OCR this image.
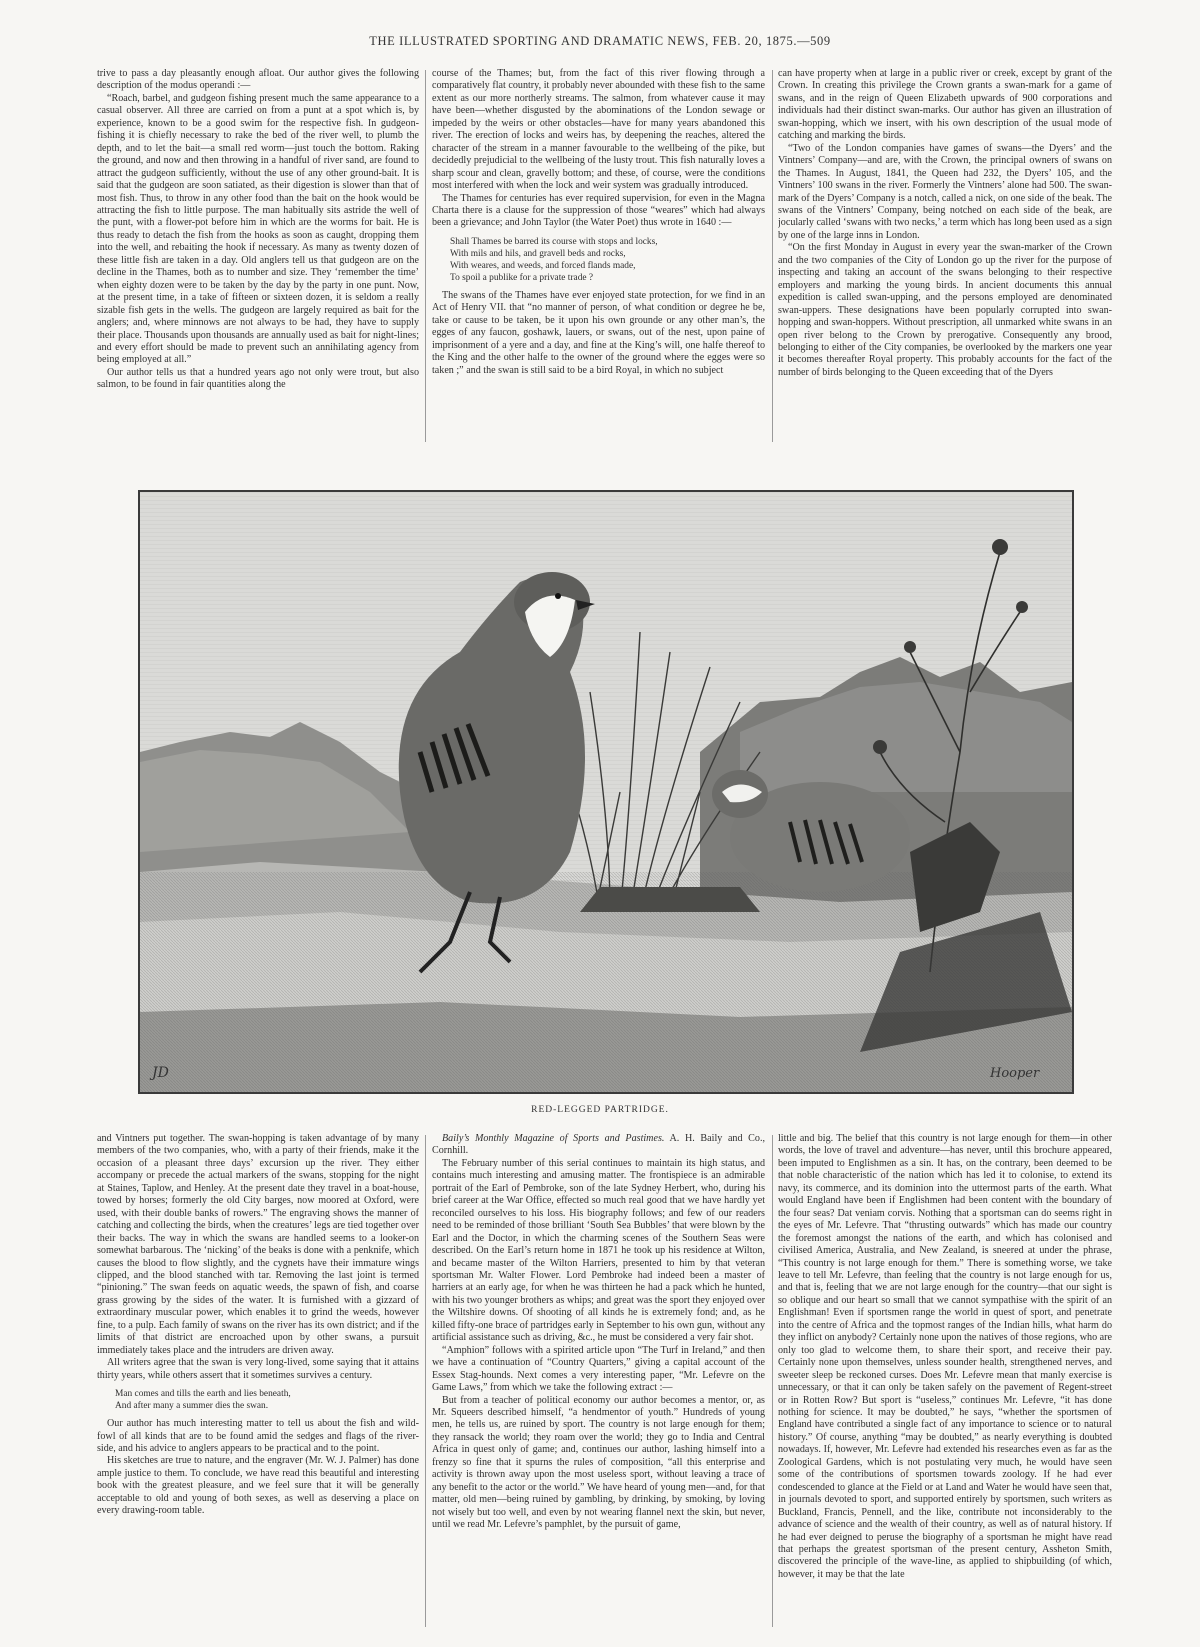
THE ILLUSTRATED SPORTING AND DRAMATIC NEWS, FEB. 20, 1875.—509

trive to pass a day pleasantly enough afloat. Our author gives the following description of the modus operandi :—

“Roach, barbel, and gudgeon fishing present much the same appearance to a casual observer. All three are carried on from a punt at a spot which is, by experience, known to be a good swim for the respective fish. In gudgeon-fishing it is chiefly necessary to rake the bed of the river well, to plumb the depth, and to let the bait—a small red worm—just touch the bottom. Raking the ground, and now and then throwing in a handful of river sand, are found to attract the gudgeon sufficiently, without the use of any other ground-bait. It is said that the gudgeon are soon satiated, as their digestion is slower than that of most fish. Thus, to throw in any other food than the bait on the hook would be attracting the fish to little purpose. The man habitually sits astride the well of the punt, with a flower-pot before him in which are the worms for bait. He is thus ready to detach the fish from the hooks as soon as caught, dropping them into the well, and rebaiting the hook if necessary. As many as twenty dozen of these little fish are taken in a day. Old anglers tell us that gudgeon are on the decline in the Thames, both as to number and size. They ‘remember the time’ when eighty dozen were to be taken by the day by the party in one punt. Now, at the present time, in a take of fifteen or sixteen dozen, it is seldom a really sizable fish gets in the wells. The gudgeon are largely required as bait for the anglers; and, where minnows are not always to be had, they have to supply their place. Thousands upon thousands are annually used as bait for night-lines; and every effort should be made to prevent such an annihilating agency from being employed at all.”

Our author tells us that a hundred years ago not only were trout, but also salmon, to be found in fair quantities along the

course of the Thames; but, from the fact of this river flowing through a comparatively flat country, it probably never abounded with these fish to the same extent as our more northerly streams. The salmon, from whatever cause it may have been—whether disgusted by the abominations of the London sewage or impeded by the weirs or other obstacles—have for many years abandoned this river. The erection of locks and weirs has, by deepening the reaches, altered the character of the stream in a manner favourable to the wellbeing of the pike, but decidedly prejudicial to the wellbeing of the lusty trout. This fish naturally loves a sharp scour and clean, gravelly bottom; and these, of course, were the conditions most interfered with when the lock and weir system was gradually introduced.

The Thames for centuries has ever required supervision, for even in the Magna Charta there is a clause for the suppression of those “weares” which had always been a grievance; and John Taylor (the Water Poet) thus wrote in 1640 :—

Shall Thames be barred its course with stops and locks,
With mils and hils, and gravell beds and rocks,
With weares, and weeds, and forced flands made,
To spoil a publike for a private trade ?

The swans of the Thames have ever enjoyed state protection, for we find in an Act of Henry VII. that “no manner of person, of what condition or degree he be, take or cause to be taken, be it upon his own grounde or any other man’s, the egges of any faucon, goshawk, lauers, or swans, out of the nest, upon paine of imprisonment of a yere and a day, and fine at the King’s will, one halfe thereof to the King and the other halfe to the owner of the ground where the egges were so taken ;” and the swan is still said to be a bird Royal, in which no subject

can have property when at large in a public river or creek, except by grant of the Crown. In creating this privilege the Crown grants a swan-mark for a game of swans, and in the reign of Queen Elizabeth upwards of 900 corporations and individuals had their distinct swan-marks. Our author has given an illustration of swan-hopping, which we insert, with his own description of the usual mode of catching and marking the birds.

“Two of the London companies have games of swans—the Dyers’ and the Vintners’ Company—and are, with the Crown, the principal owners of swans on the Thames. In August, 1841, the Queen had 232, the Dyers’ 105, and the Vintners’ 100 swans in the river. Formerly the Vintners’ alone had 500. The swan-mark of the Dyers’ Company is a notch, called a nick, on one side of the beak. The swans of the Vintners’ Company, being notched on each side of the beak, are jocularly called ‘swans with two necks,’ a term which has long been used as a sign by one of the large inns in London.

“On the first Monday in August in every year the swan-marker of the Crown and the two companies of the City of London go up the river for the purpose of inspecting and taking an account of the swans belonging to their respective employers and marking the young birds. In ancient documents this annual expedition is called swan-upping, and the persons employed are denominated swan-uppers. These designations have been popularly corrupted into swan-hopping and swan-hoppers. Without prescription, all unmarked white swans in an open river belong to the Crown by prerogative. Consequently any brood, belonging to either of the City companies, be overlooked by the markers one year it becomes thereafter Royal property. This probably accounts for the fact of the number of birds belonging to the Queen exceeding that of the Dyers

JD	Hooper
RED-LEGGED PARTRIDGE.

and Vintners put together. The swan-hopping is taken advantage of by many members of the two companies, who, with a party of their friends, make it the occasion of a pleasant three days’ excursion up the river. They either accompany or precede the actual markers of the swans, stopping for the night at Staines, Taplow, and Henley. At the present date they travel in a boat-house, towed by horses; formerly the old City barges, now moored at Oxford, were used, with their double banks of rowers.” The engraving shows the manner of catching and collecting the birds, when the creatures’ legs are tied together over their backs. The way in which the swans are handled seems to a looker-on somewhat barbarous. The ‘nicking’ of the beaks is done with a penknife, which causes the blood to flow slightly, and the cygnets have their immature wings clipped, and the blood stanched with tar. Removing the last joint is termed “pinioning.” The swan feeds on aquatic weeds, the spawn of fish, and coarse grass growing by the sides of the water. It is furnished with a gizzard of extraordinary muscular power, which enables it to grind the weeds, however fine, to a pulp. Each family of swans on the river has its own district; and if the limits of that district are encroached upon by other swans, a pursuit immediately takes place and the intruders are driven away.

All writers agree that the swan is very long-lived, some saying that it attains thirty years, while others assert that it sometimes survives a century.

Man comes and tills the earth and lies beneath,
And after many a summer dies the swan.

Our author has much interesting matter to tell us about the fish and wild-fowl of all kinds that are to be found amid the sedges and flags of the river-side, and his advice to anglers appears to be practical and to the point.

His sketches are true to nature, and the engraver (Mr. W. J. Palmer) has done ample justice to them. To conclude, we have read this beautiful and interesting book with the greatest pleasure, and we feel sure that it will be generally acceptable to old and young of both sexes, as well as deserving a place on every drawing-room table.

Baily’s Monthly Magazine of Sports and Pastimes. A. H. Baily and Co., Cornhill.

The February number of this serial continues to maintain its high status, and contains much interesting and amusing matter. The frontispiece is an admirable portrait of the Earl of Pembroke, son of the late Sydney Herbert, who, during his brief career at the War Office, effected so much real good that we have hardly yet reconciled ourselves to his loss. His biography follows; and few of our readers need to be reminded of those brilliant ‘South Sea Bubbles’ that were blown by the Earl and the Doctor, in which the charming scenes of the Southern Seas were described. On the Earl’s return home in 1871 he took up his residence at Wilton, and became master of the Wilton Harriers, presented to him by that veteran sportsman Mr. Walter Flower. Lord Pembroke had indeed been a master of harriers at an early age, for when he was thirteen he had a pack which he hunted, with his two younger brothers as whips; and great was the sport they enjoyed over the Wiltshire downs. Of shooting of all kinds he is extremely fond; and, as he killed fifty-one brace of partridges early in September to his own gun, without any artificial assistance such as driving, &c., he must be considered a very fair shot.

“Amphion” follows with a spirited article upon “The Turf in Ireland,” and then we have a continuation of “Country Quarters,” giving a capital account of the Essex Stag-hounds. Next comes a very interesting paper, “Mr. Lefevre on the Game Laws,” from which we take the following extract :—

But from a teacher of political economy our author becomes a mentor, or, as Mr. Squeers described himself, “a hendmentor of youth.” Hundreds of young men, he tells us, are ruined by sport. The country is not large enough for them; they ransack the world; they roam over the world; they go to India and Central Africa in quest only of game; and, continues our author, lashing himself into a frenzy so fine that it spurns the rules of composition, “all this enterprise and activity is thrown away upon the most useless sport, without leaving a trace of any benefit to the actor or the world.” We have heard of young men—and, for that matter, old men—being ruined by gambling, by drinking, by smoking, by loving not wisely but too well, and even by not wearing flannel next the skin, but never, until we read Mr. Lefevre’s pamphlet, by the pursuit of game,

little and big. The belief that this country is not large enough for them—in other words, the love of travel and adventure—has never, until this brochure appeared, been imputed to Englishmen as a sin. It has, on the contrary, been deemed to be that noble characteristic of the nation which has led it to colonise, to extend its navy, its commerce, and its dominion into the uttermost parts of the earth. What would England have been if Englishmen had been content with the boundary of the four seas? Dat veniam corvis. Nothing that a sportsman can do seems right in the eyes of Mr. Lefevre. That “thrusting outwards” which has made our country the foremost amongst the nations of the earth, and which has colonised and civilised America, Australia, and New Zealand, is sneered at under the phrase, “This country is not large enough for them.” There is something worse, we take leave to tell Mr. Lefevre, than feeling that the country is not large enough for us, and that is, feeling that we are not large enough for the country—that our sight is so oblique and our heart so small that we cannot sympathise with the spirit of an Englishman! Even if sportsmen range the world in quest of sport, and penetrate into the centre of Africa and the topmost ranges of the Indian hills, what harm do they inflict on anybody? Certainly none upon the natives of those regions, who are only too glad to welcome them, to share their sport, and receive their pay. Certainly none upon themselves, unless sounder health, strengthened nerves, and sweeter sleep be reckoned curses. Does Mr. Lefevre mean that manly exercise is unnecessary, or that it can only be taken safely on the pavement of Regent-street or in Rotten Row? But sport is “useless,” continues Mr. Lefevre, “it has done nothing for science. It may be doubted,” he says, “whether the sportsmen of England have contributed a single fact of any importance to science or to natural history.” Of course, anything “may be doubted,” as nearly everything is doubted nowadays. If, however, Mr. Lefevre had extended his researches even as far as the Zoological Gardens, which is not postulating very much, he would have seen some of the contributions of sportsmen towards zoology. If he had ever condescended to glance at the Field or at Land and Water he would have seen that, in journals devoted to sport, and supported entirely by sportsmen, such writers as Buckland, Francis, Pennell, and the like, contribute not inconsiderably to the advance of science and the wealth of their country, as well as of natural history. If he had ever deigned to peruse the biography of a sportsman he might have read that perhaps the greatest sportsman of the present century, Assheton Smith, discovered the principle of the wave-line, as applied to shipbuilding (of which, however, it may be that the late
